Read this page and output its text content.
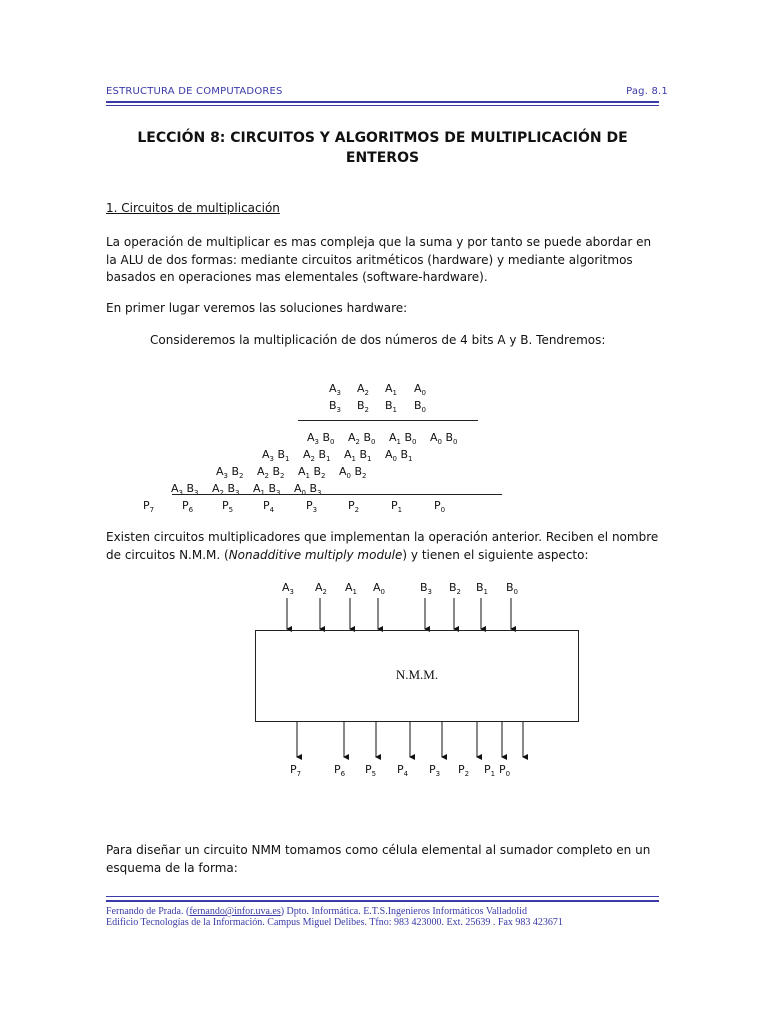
ESTRUCTURA DE COMPUTADORES	Pag. 8.1
LECCIÓN 8: CIRCUITOS Y ALGORITMOS DE MULTIPLICACIÓN DE
ENTEROS
1. Circuitos de multiplicación
La operación de multiplicar es mas compleja que la suma y por tanto se puede abordar en la ALU de dos formas: mediante circuitos aritméticos (hardware) y mediante algoritmos basados en operaciones mas elementales (software-hardware).
En primer lugar veremos las soluciones hardware:
Consideremos la multiplicación de dos números de 4 bits A y B. Tendremos:
$A_3$ $A_2$ $A_1$ $A_0$
$B_3$ $B_2$ $B_1$ $B_0$
$A_3$ $B_0$ $A_2$ $B_0$ $A_1$ $B_0$ $A_0$ $B_0$
$A_3$ $B_1$ $A_2$ $B_1$ $A_1$ $B_1$ $A_0$ $B_1$
$A_3$ $B_2$ $A_2$ $B_2$ $A_1$ $B_2$ $A_0$ $B_2$
$A_3$ $B_3$ $A_2$ $B_3$ $A_1$ $B_3$ $A_0$ $B_3$
$P_7$	$P_6$	$P_5$	$P_4$	$P_3$	$P_2$	$P_1$	$P_0$
Existen circuitos multiplicadores que implementan la operación anterior. Reciben el nombre de circuitos N.M.M. (Nonadditive multiply module) y tienen el siguiente aspecto:
$A_3$ $A_2$ $A_1$ $A_0$	$B_3$ $B_2$ $B_1$ $B_0$
$P_7$	$P_6$ $P_5$ $P_4$ $P_3$ $P_2$ $P_1$ $P_0$
N.M.M.
Para diseñar un circuito NMM tomamos como célula elemental al sumador completo en un esquema de la forma:
Fernando de Prada. (fernando@infor.uva.es) Dpto. Informática. E.T.S.Ingenieros Informáticos Valladolid
Edificio Tecnologías de la Información. Campus Miguel Delibes. Tfno: 983 423000. Ext. 25639 . Fax 983 423671
